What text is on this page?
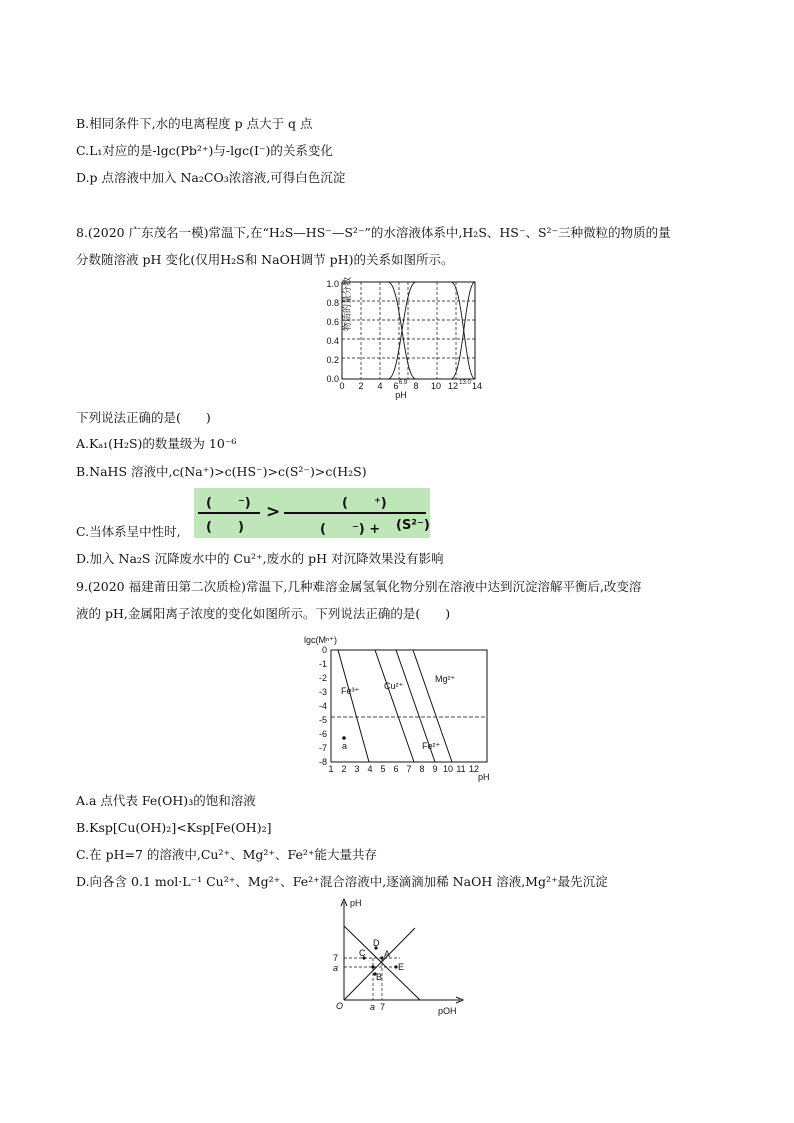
B.相同条件下,水的电离程度 p 点大于 q 点
C.L₁对应的是-lgc(Pb²⁺)与-lgc(I⁻)的关系变化
D.p 点溶液中加入 Na₂CO₃浓溶液,可得白色沉淀
8.(2020 广东茂名一模)常温下,在“H₂S—HS⁻—S²⁻”的水溶液体系中,H₂S、HS⁻、S²⁻三种微粒的物质的量
分数随溶液 pH 变化(仅用H₂S和 NaOH调节 pH)的关系如图所示。
物质的量分数
1.0
0.8
0.6
0.4
0.2
0.0
0 2 4 6 8 10 12 14
6.9	13.0
pH
下列说法正确的是(　　)
A.Kₐ₁(H₂S)的数量级为 10⁻⁶
B.NaHS 溶液中,c(Na⁺)>c(HS⁻)>c(S²⁻)>c(H₂S)
C.当体系呈中性时,
(　　⁻)
(　　)
>	(　　⁺)
(　　⁻) + (S²⁻)
D.加入 Na₂S 沉降废水中的 Cu²⁺,废水的 pH 对沉降效果没有影响
9.(2020 福建莆田第二次质检)常温下,几种难溶金属氢氧化物分别在溶液中达到沉淀溶解平衡后,改变溶
液的 pH,金属阳离子浓度的变化如图所示。下列说法正确的是(　　)
lgc(Mⁿ⁺)
0
-1
-2
-3
-4
-5
-6
-7
-8
Fe³⁺	Cu²⁺
Mg²⁺
Fe²⁺
a
1 2 3 4 5 6 7 8 9 10 11 12
pH
A.a 点代表 Fe(OH)₃的饱和溶液
B.Ksp[Cu(OH)₂]<Ksp[Fe(OH)₂]
C.在 pH=7 的溶液中,Cu²⁺、Mg²⁺、Fe²⁺能大量共存
D.向各含 0.1 mol·L⁻¹ Cu²⁺、Mg²⁺、Fe²⁺混合溶液中,逐滴滴加稀 NaOH 溶液,Mg²⁺最先沉淀
pH
pOH
O
7
a
a 7
A
B
C
D
E
